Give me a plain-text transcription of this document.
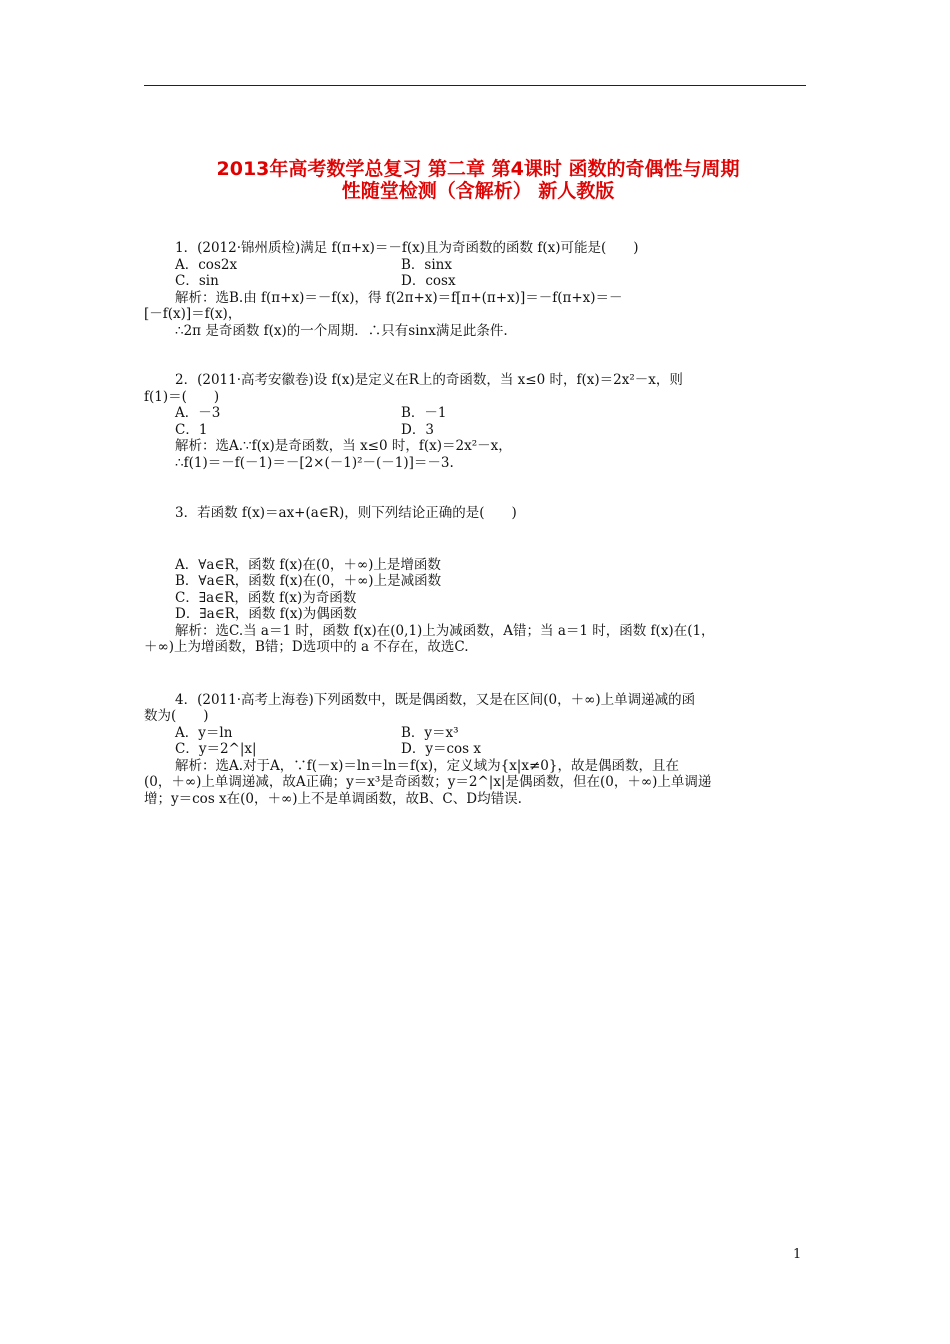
2013年高考数学总复习 第二章 第4课时 函数的奇偶性与周期
性随堂检测（含解析） 新人教版
1．(2012·锦州质检)满足 f(π+x)＝－f(x)且为奇函数的函数 f(x)可能是(　　)
A．cos2x	B．sinx
C．sin	D．cosx
解析：选B.由 f(π+x)＝－f(x)，得 f(2π+x)＝f[π+(π+x)]＝－f(π+x)＝－
[－f(x)]＝f(x)，
∴2π 是奇函数 f(x)的一个周期．∴只有sinx满足此条件.
2．(2011·高考安徽卷)设 f(x)是定义在R上的奇函数，当 x≤0 时，f(x)＝2x²－x，则
f(1)＝(　　)
A．－3	B．－1
C．1	D．3
解析：选A.∵f(x)是奇函数，当 x≤0 时，f(x)＝2x²－x，
∴f(1)＝－f(－1)＝－[2×(－1)²－(－1)]＝－3.
3．若函数 f(x)＝ax+(a∈R)，则下列结论正确的是(　　)
A．∀a∈R，函数 f(x)在(0，＋∞)上是增函数
B．∀a∈R，函数 f(x)在(0，＋∞)上是减函数
C．∃a∈R，函数 f(x)为奇函数
D．∃a∈R，函数 f(x)为偶函数
解析：选C.当 a＝1 时，函数 f(x)在(0,1)上为减函数，A错；当 a＝1 时，函数 f(x)在(1，
＋∞)上为增函数，B错；D选项中的 a 不存在，故选C.
4．(2011·高考上海卷)下列函数中，既是偶函数，又是在区间(0，＋∞)上单调递减的函
数为(　　)
A．y＝ln	B．y＝x³
C．y＝2^|x|	D．y＝cos x
解析：选A.对于A，∵f(－x)＝ln＝ln＝f(x)，定义域为{x|x≠0}，故是偶函数，且在
(0，＋∞)上单调递减，故A正确；y＝x³是奇函数；y＝2^|x|是偶函数，但在(0，＋∞)上单调递
增；y＝cos x在(0，＋∞)上不是单调函数，故B、C、D均错误.
1
